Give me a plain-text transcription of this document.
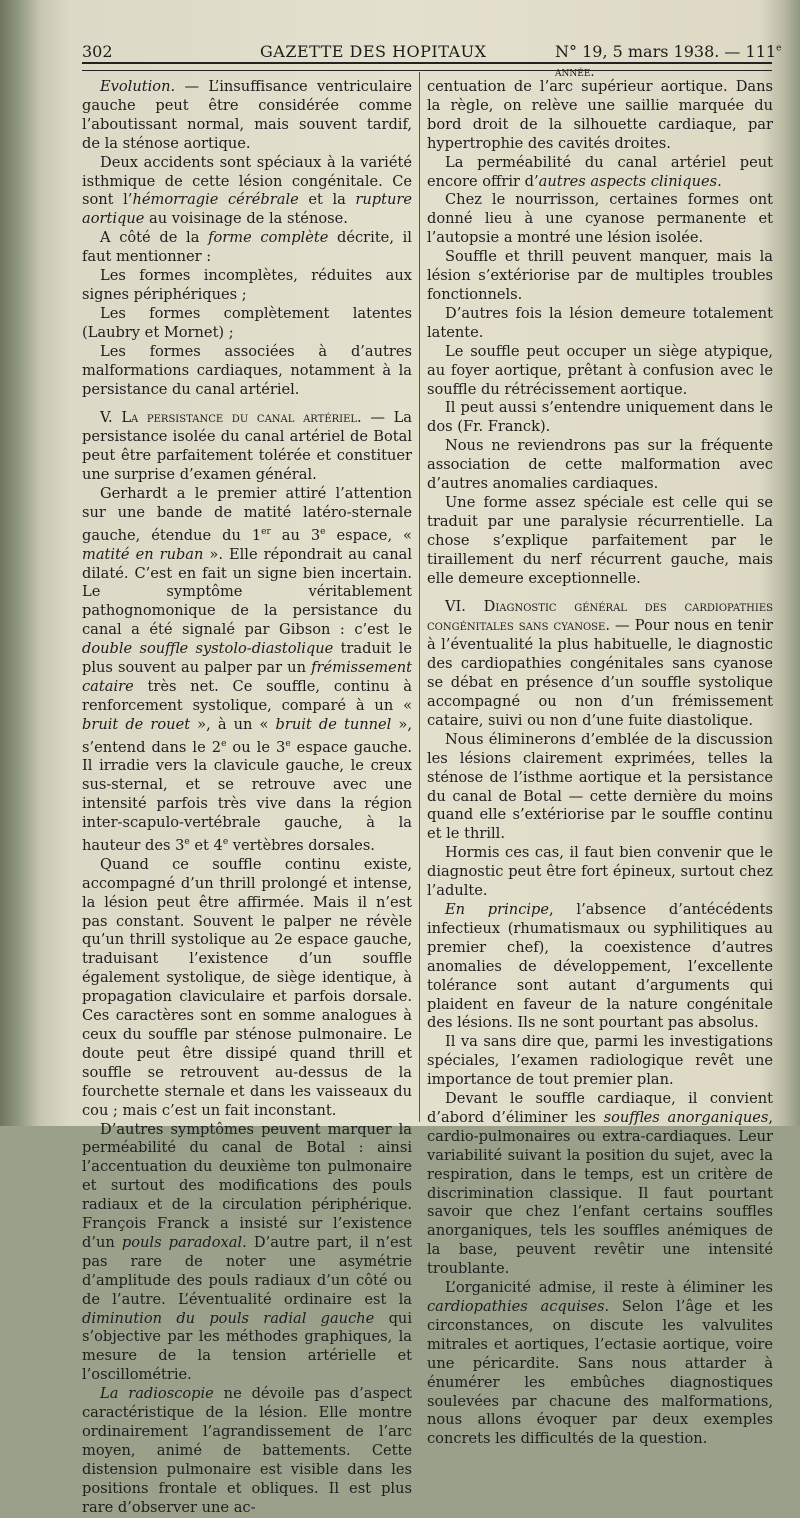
302	GAZETTE DES HOPITAUX	N° 19, 5 mars 1938. — 111e année.

Evolution. — L’insuffisance ventriculaire gauche peut être considérée comme l’aboutissant normal, mais souvent tardif, de la sténose aortique.

Deux accidents sont spéciaux à la variété isthmique de cette lésion congénitale. Ce sont l’hémorragie cérébrale et la rupture aortique au voisinage de la sténose.

A côté de la forme complète décrite, il faut mentionner :

Les formes incomplètes, réduites aux signes périphériques ;

Les formes complètement latentes (Laubry et Mornet) ;

Les formes associées à d’autres malformations cardiaques, notamment à la persistance du canal artériel.

V. La persistance du canal artériel. — La persistance isolée du canal artériel de Botal peut être parfaitement tolérée et constituer une surprise d’examen général.

Gerhardt a le premier attiré l’attention sur une bande de matité latéro-sternale gauche, étendue du 1er au 3e espace, « matité en ruban ». Elle répondrait au canal dilaté. C’est en fait un signe bien incertain. Le symptôme véritablement pathognomonique de la persistance du canal a été signalé par Gibson : c’est le double souffle systolo-diastolique traduit le plus souvent au palper par un frémissement cataire très net. Ce souffle, continu à renforcement systolique, comparé à un « bruit de rouet », à un « bruit de tunnel », s’entend dans le 2e ou le 3e espace gauche. Il irradie vers la clavicule gauche, le creux sus-sternal, et se retrouve avec une intensité parfois très vive dans la région inter-scapulo-vertébrale gauche, à la hauteur des 3e et 4e vertèbres dorsales.

Quand ce souffle continu existe, accompagné d’un thrill prolongé et intense, la lésion peut être affirmée. Mais il n’est pas constant. Souvent le palper ne révèle qu’un thrill systolique au 2e espace gauche, traduisant l’existence d’un souffle également systolique, de siège identique, à propagation claviculaire et parfois dorsale. Ces caractères sont en somme analogues à ceux du souffle par sténose pulmonaire. Le doute peut être dissipé quand thrill et souffle se retrouvent au-dessus de la fourchette sternale et dans les vaisseaux du cou ; mais c’est un fait inconstant.

D’autres symptômes peuvent marquer la perméabilité du canal de Botal : ainsi l’accentuation du deuxième ton pulmonaire et surtout des modifications des pouls radiaux et de la circulation périphérique. François Franck a insisté sur l’existence d’un pouls paradoxal. D’autre part, il n’est pas rare de noter une asymétrie d’amplitude des pouls radiaux d’un côté ou de l’autre. L’éventualité ordinaire est la diminution du pouls radial gauche qui s’objective par les méthodes graphiques, la mesure de la tension artérielle et l’oscillométrie.

La radioscopie ne dévoile pas d’aspect caractéristique de la lésion. Elle montre ordinairement l’agrandissement de l’arc moyen, animé de battements. Cette distension pulmonaire est visible dans les positions frontale et obliques. Il est plus rare d’observer une ac-

centuation de l’arc supérieur aortique. Dans la règle, on relève une saillie marquée du bord droit de la silhouette cardiaque, par hypertrophie des cavités droites.

La perméabilité du canal artériel peut encore offrir d’autres aspects cliniques.

Chez le nourrisson, certaines formes ont donné lieu à une cyanose permanente et l’autopsie a montré une lésion isolée.

Souffle et thrill peuvent manquer, mais la lésion s’extériorise par de multiples troubles fonctionnels.

D’autres fois la lésion demeure totalement latente.

Le souffle peut occuper un siège atypique, au foyer aortique, prêtant à confusion avec le souffle du rétrécissement aortique.

Il peut aussi s’entendre uniquement dans le dos (Fr. Franck).

Nous ne reviendrons pas sur la fréquente association de cette malformation avec d’autres anomalies cardiaques.

Une forme assez spéciale est celle qui se traduit par une paralysie récurrentielle. La chose s’explique parfaitement par le tiraillement du nerf récurrent gauche, mais elle demeure exceptionnelle.

VI. Diagnostic général des cardiopathies congénitales sans cyanose. — Pour nous en tenir à l’éventualité la plus habituelle, le diagnostic des cardiopathies congénitales sans cyanose se débat en présence d’un souffle systolique accompagné ou non d’un frémissement cataire, suivi ou non d’une fuite diastolique.

Nous éliminerons d’emblée de la discussion les lésions clairement exprimées, telles la sténose de l’isthme aortique et la persistance du canal de Botal — cette dernière du moins quand elle s’extériorise par le souffle continu et le thrill.

Hormis ces cas, il faut bien convenir que le diagnostic peut être fort épineux, surtout chez l’adulte.

En principe, l’absence d’antécédents infectieux (rhumatismaux ou syphilitiques au premier chef), la coexistence d’autres anomalies de développement, l’excellente tolérance sont autant d’arguments qui plaident en faveur de la nature congénitale des lésions. Ils ne sont pourtant pas absolus.

Il va sans dire que, parmi les investigations spéciales, l’examen radiologique revêt une importance de tout premier plan.

Devant le souffle cardiaque, il convient d’abord d’éliminer les souffles anorganiques, cardio-pulmonaires ou extra-cardiaques. Leur variabilité suivant la position du sujet, avec la respiration, dans le temps, est un critère de discrimination classique. Il faut pourtant savoir que chez l’enfant certains souffles anorganiques, tels les souffles anémiques de la base, peuvent revêtir une intensité troublante.

L’organicité admise, il reste à éliminer les cardiopathies acquises. Selon l’âge et les circonstances, on discute les valvulites mitrales et aortiques, l’ectasie aortique, voire une péricardite. Sans nous attarder à énumérer les embûches diagnostiques soulevées par chacune des malformations, nous allons évoquer par deux exemples concrets les difficultés de la question.
